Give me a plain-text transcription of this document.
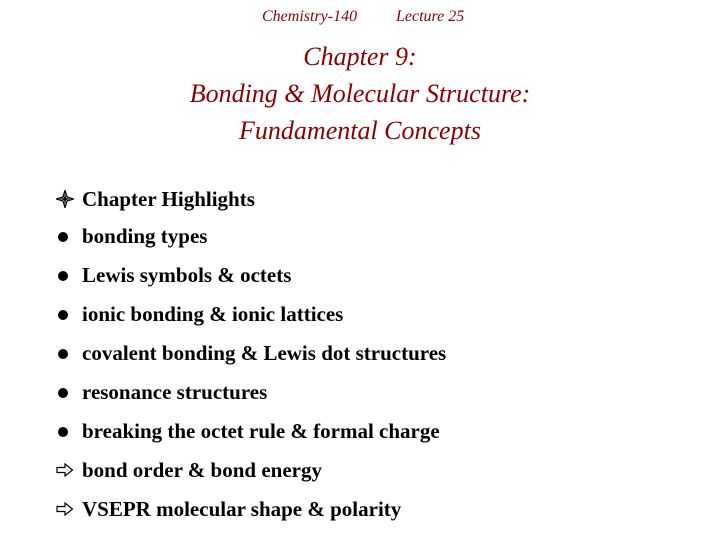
Chemistry-140 Lecture 25
Chapter 9:
Bonding & Molecular Structure:
Fundamental Concepts
Chapter Highlights
bonding types
Lewis symbols & octets
ionic bonding & ionic lattices
covalent bonding & Lewis dot structures
resonance structures
breaking the octet rule & formal charge
bond order & bond energy
VSEPR molecular shape & polarity
